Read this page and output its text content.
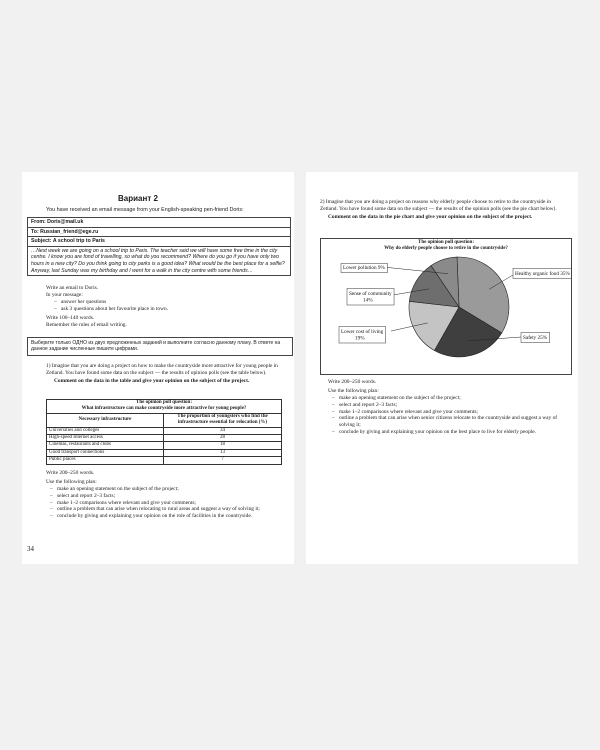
Вариант 2
You have received an email message from your English-speaking pen-friend Doris:
From: Doris@mail.uk
To: Russian_friend@ege.ru
Subject: A school trip to Paris
…Next week we are going on a school trip to Paris. The teacher said we will have some free time in the city centre. I know you are fond of travelling, so what do you recommend? Where do you go if you have only two hours in a new city? Do you think going to city parks is a good idea? What would be the best place for a selfie?
Anyway, last Sunday was my birthday and I went for a walk in the city centre with some friends…
Write an email to Doris.
In your message:
– answer her questions
– ask 3 questions about her favourite place in town.
Write 100–140 words.
Remember the rules of email writing.
Выберите только ОДНО из двух предложенных заданий и выполните согласно данному плану. В ответе на данное задание численные пишите цифрами.
1) Imagine that you are doing a project on how to make the countryside more attractive for young people in Zetland. You have found some data on the subject — the results of opinion polls (see the table below).
Comment on the data in the table and give your opinion on the subject of the project.
The opinion poll question:
What infrastructure can make countryside more attractive for young people?	

Necessary infrastructure	The proportion of youngsters who find the infrastructure essential for relocation (%)
Universities and colleges	34
High-speed Internet access	28
Cinemas, restaurants and clubs	18
Good transport connections	13
Public places	7
Write 200–250 words.
Use the following plan:
– make an opening statement on the subject of the project;
– select and report 2–3 facts;
– make 1–2 comparisons where relevant and give your comments;
– outline a problem that can arise when relocating to rural areas and suggest a way of solving it;
– conclude by giving and explaining your opinion on the role of facilities in the countryside.
34
2) Imagine that you are doing a project on reasons why elderly people choose to retire to the countryside in Zetland. You have found some data on the subject — the results of the opinion polls (see the pie chart below).
Comment on the data in the pie chart and give your opinion on the subject of the project.
The opinion poll question:
Why do elderly people choose to retire in the countryside?
Healthy organic food 35%
Safety 25%
Lower cost of living 19%
Sense of community 14%
Lower pollution 9%
Write 200–250 words.
Use the following plan:
– make an opening statement on the subject of the project;
– select and report 2–3 facts;
– make 1–2 comparisons where relevant and give your comments;
– outline a problem that can arise when senior citizens relocate to the countryside and suggest a way of solving it;
– conclude by giving and explaining your opinion on the best place to live for elderly people.
